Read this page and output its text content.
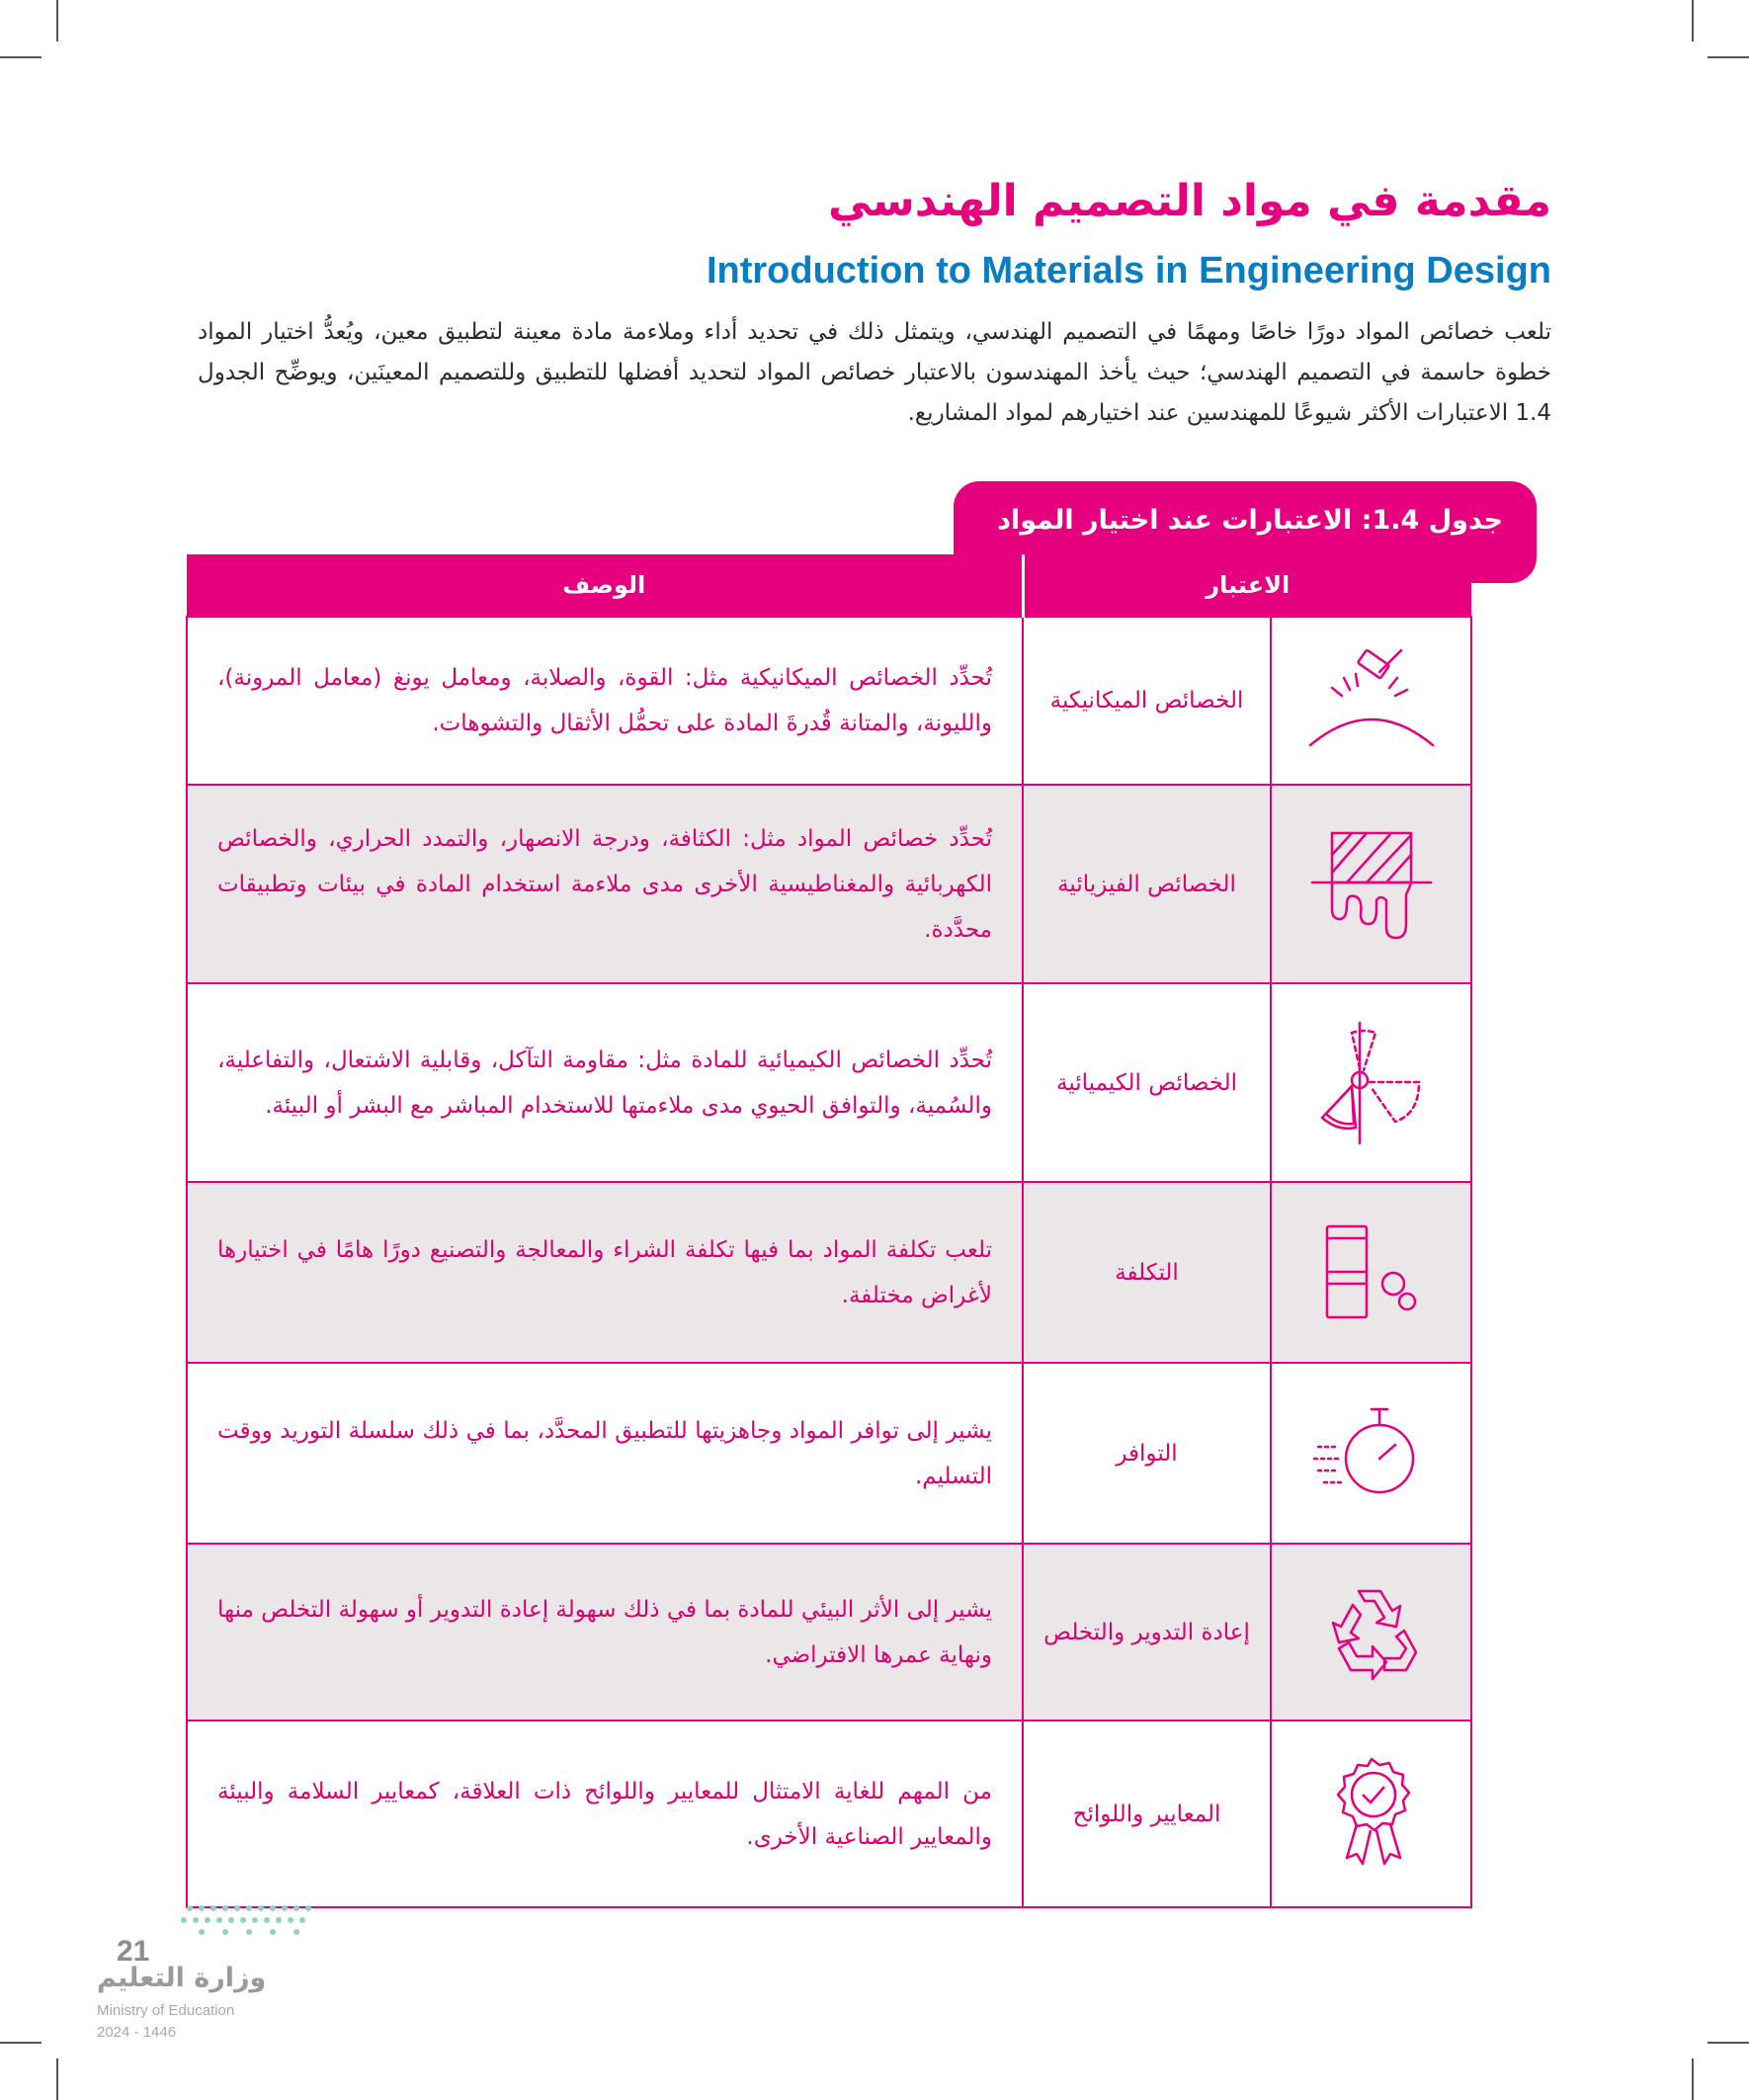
مقدمة في مواد التصميم الهندسي
Introduction to Materials in Engineering Design

تلعب خصائص المواد دورًا خاصًا ومهمًا في التصميم الهندسي، ويتمثل ذلك في تحديد أداء وملاءمة مادة معينة لتطبيق معين، ويُعدُّ اختيار المواد خطوة حاسمة في التصميم الهندسي؛ حيث يأخذ المهندسون بالاعتبار خصائص المواد لتحديد أفضلها للتطبيق وللتصميم المعينَين، ويوضِّح الجدول 1.4 الاعتبارات الأكثر شيوعًا للمهندسين عند اختيارهم لمواد المشاريع.

جدول 1.4: الاعتبارات عند اختيار المواد
الاعتبار		الوصف

	الخصائص الميكانيكية	تُحدِّد الخصائص الميكانيكية مثل: القوة، والصلابة، ومعامل يونغ (معامل المرونة)، والليونة، والمتانة قُدرةَ المادة على تحمُّل الأثقال والتشوهات.

	الخصائص الفيزيائية	تُحدِّد خصائص المواد مثل: الكثافة، ودرجة الانصهار، والتمدد الحراري، والخصائص الكهربائية والمغناطيسية الأخرى مدى ملاءمة استخدام المادة في بيئات وتطبيقات محدَّدة.

	الخصائص الكيميائية	تُحدِّد الخصائص الكيميائية للمادة مثل: مقاومة التآكل، وقابلية الاشتعال، والتفاعلية، والسُمية، والتوافق الحيوي مدى ملاءمتها للاستخدام المباشر مع البشر أو البيئة.

	التكلفة	تلعب تكلفة المواد بما فيها تكلفة الشراء والمعالجة والتصنيع دورًا هامًا في اختيارها لأغراض مختلفة.

	التوافر	يشير إلى توافر المواد وجاهزيتها للتطبيق المحدَّد، بما في ذلك سلسلة التوريد ووقت التسليم.

	إعادة التدوير والتخلص	يشير إلى الأثر البيئي للمادة بما في ذلك سهولة إعادة التدوير أو سهولة التخلص منها ونهاية عمرها الافتراضي.

	المعايير واللوائح	من المهم للغاية الامتثال للمعايير واللوائح ذات العلاقة، كمعايير السلامة والبيئة والمعايير الصناعية الأخرى.
21
وزارة التعليم
Ministry of Education
2024 - 1446
